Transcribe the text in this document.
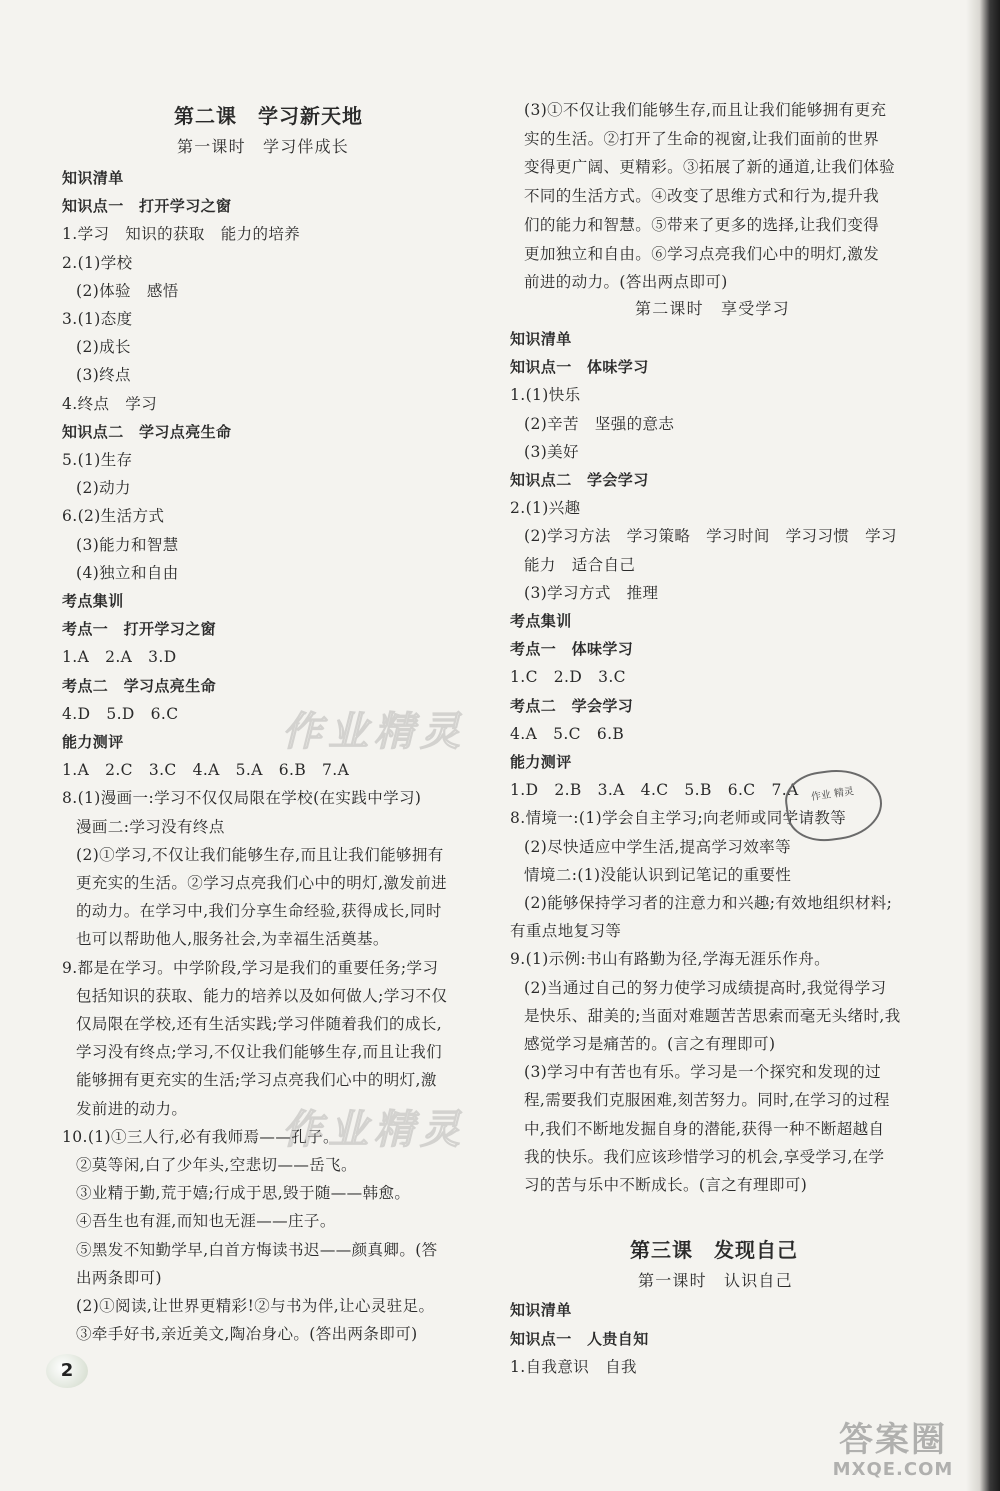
第二课　学习新天地
第一课时　学习伴成长
知识清单
知识点一　打开学习之窗
1.学习　知识的获取　能力的培养
2.(1)学校
(2)体验　感悟
3.(1)态度
(2)成长
(3)终点
4.终点　学习
知识点二　学习点亮生命
5.(1)生存
(2)动力
6.(2)生活方式
(3)能力和智慧
(4)独立和自由
考点集训
考点一　打开学习之窗
1.A　2.A　3.D
考点二　学习点亮生命
4.D　5.D　6.C
能力测评
1.A　2.C　3.C　4.A　5.A　6.B　7.A
8.(1)漫画一:学习不仅仅局限在学校(在实践中学习)
漫画二:学习没有终点
(2)①学习,不仅让我们能够生存,而且让我们能够拥有
更充实的生活。②学习点亮我们心中的明灯,激发前进
的动力。在学习中,我们分享生命经验,获得成长,同时
也可以帮助他人,服务社会,为幸福生活奠基。
9.都是在学习。中学阶段,学习是我们的重要任务;学习
包括知识的获取、能力的培养以及如何做人;学习不仅
仅局限在学校,还有生活实践;学习伴随着我们的成长,
学习没有终点;学习,不仅让我们能够生存,而且让我们
能够拥有更充实的生活;学习点亮我们心中的明灯,激
发前进的动力。
10.(1)①三人行,必有我师焉——孔子。
②莫等闲,白了少年头,空悲切——岳飞。
③业精于勤,荒于嬉;行成于思,毁于随——韩愈。
④吾生也有涯,而知也无涯——庄子。
⑤黑发不知勤学早,白首方悔读书迟——颜真卿。(答
出两条即可)
(2)①阅读,让世界更精彩!②与书为伴,让心灵驻足。
③牵手好书,亲近美文,陶冶身心。(答出两条即可)
(3)①不仅让我们能够生存,而且让我们能够拥有更充
实的生活。②打开了生命的视窗,让我们面前的世界
变得更广阔、更精彩。③拓展了新的通道,让我们体验
不同的生活方式。④改变了思维方式和行为,提升我
们的能力和智慧。⑤带来了更多的选择,让我们变得
更加独立和自由。⑥学习点亮我们心中的明灯,激发
前进的动力。(答出两点即可)
第二课时　享受学习
知识清单
知识点一　体味学习
1.(1)快乐
(2)辛苦　坚强的意志
(3)美好
知识点二　学会学习
2.(1)兴趣
(2)学习方法　学习策略　学习时间　学习习惯　学习
能力　适合自己
(3)学习方式　推理
考点集训
考点一　体味学习
1.C　2.D　3.C
考点二　学会学习
4.A　5.C　6.B
能力测评
1.D　2.B　3.A　4.C　5.B　6.C　7.A
8.情境一:(1)学会自主学习;向老师或同学请教等
(2)尽快适应中学生活,提高学习效率等
情境二:(1)没能认识到记笔记的重要性
(2)能够保持学习者的注意力和兴趣;有效地组织材料;
有重点地复习等
9.(1)示例:书山有路勤为径,学海无涯乐作舟。
(2)当通过自己的努力使学习成绩提高时,我觉得学习
是快乐、甜美的;当面对难题苦苦思索而毫无头绪时,我
感觉学习是痛苦的。(言之有理即可)
(3)学习中有苦也有乐。学习是一个探究和发现的过
程,需要我们克服困难,刻苦努力。同时,在学习的过程
中,我们不断地发掘自身的潜能,获得一种不断超越自
我的快乐。我们应该珍惜学习的机会,享受学习,在学
习的苦与乐中不断成长。(言之有理即可)
第三课　发现自己
第一课时　认识自己
知识清单
知识点一　人贵自知
1.自我意识　自我
作业精灵
作业精灵
作业 精灵
2
答案圈
MXQE.COM
